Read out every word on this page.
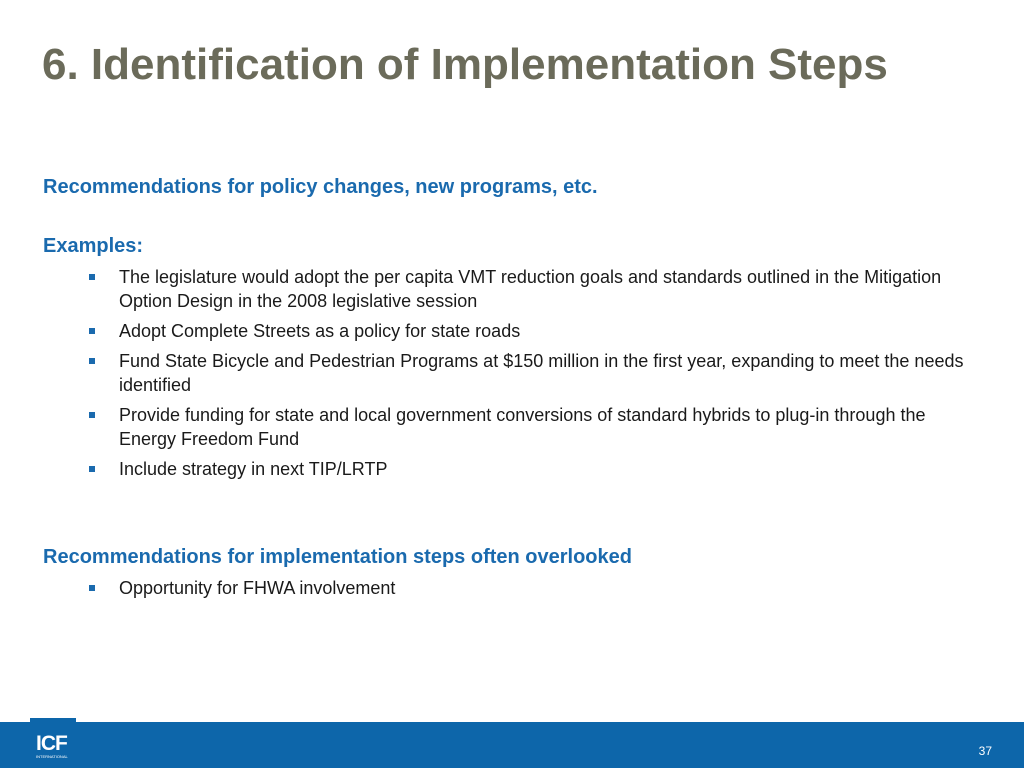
6. Identification of Implementation Steps
Recommendations for policy changes, new programs, etc.
Examples:
The legislature would adopt the per capita VMT reduction goals and standards outlined in the Mitigation Option Design in the 2008 legislative session
Adopt Complete Streets as a policy for state roads
Fund State Bicycle and Pedestrian Programs at $150 million in the first year, expanding to meet the needs identified
Provide funding for state and local government conversions of standard hybrids to plug-in through the Energy Freedom Fund
Include strategy in next TIP/LRTP
Recommendations for implementation steps often overlooked
Opportunity for FHWA involvement
ICF
INTERNATIONAL	37
